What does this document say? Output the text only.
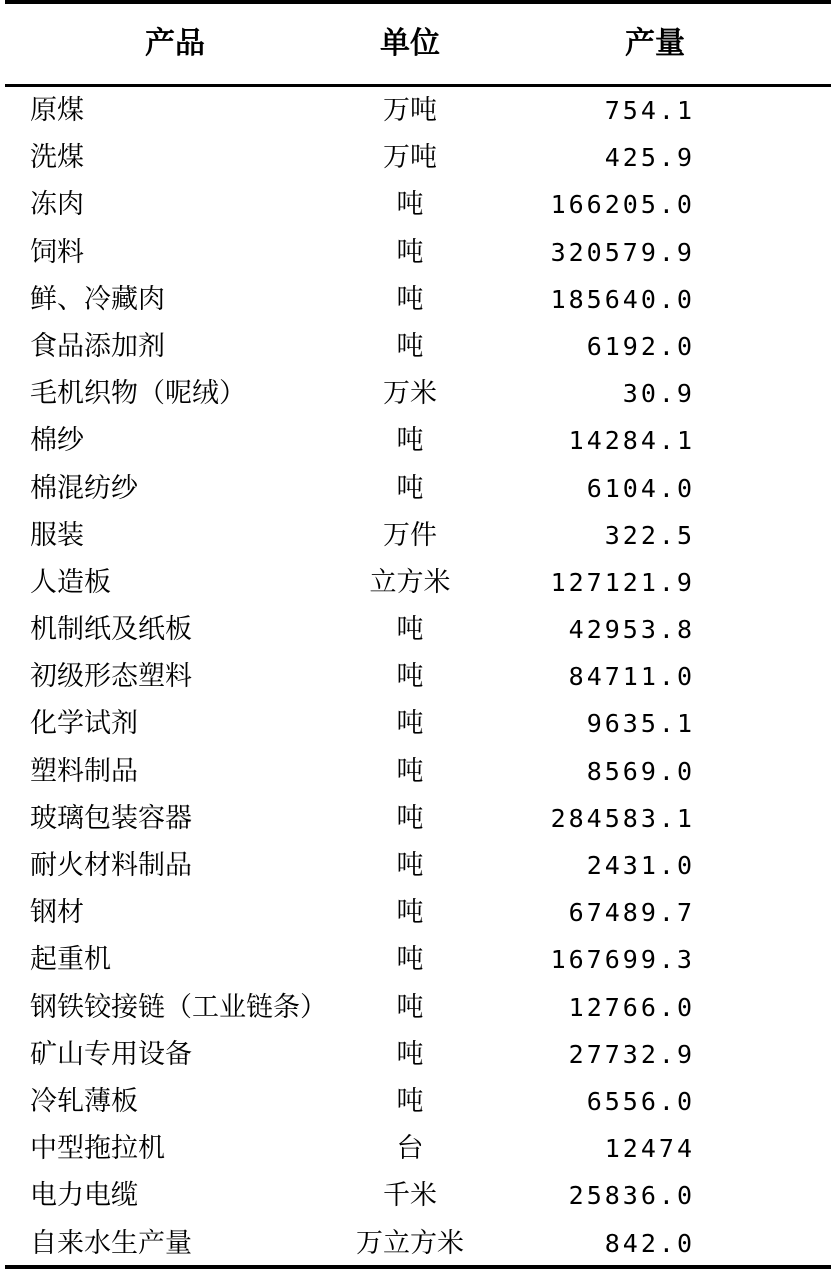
产品	单位	产量
原煤	万吨	754.1
洗煤	万吨	425.9
冻肉	吨	166205.0
饲料	吨	320579.9
鲜、冷藏肉	吨	185640.0
食品添加剂	吨	6192.0
毛机织物（呢绒）	万米	30.9
棉纱	吨	14284.1
棉混纺纱	吨	6104.0
服装	万件	322.5
人造板	立方米	127121.9
机制纸及纸板	吨	42953.8
初级形态塑料	吨	84711.0
化学试剂	吨	9635.1
塑料制品	吨	8569.0
玻璃包装容器	吨	284583.1
耐火材料制品	吨	2431.0
钢材	吨	67489.7
起重机	吨	167699.3
钢铁铰接链（工业链条）	吨	12766.0
矿山专用设备	吨	27732.9
冷轧薄板	吨	6556.0
中型拖拉机	台	12474
电力电缆	千米	25836.0
自来水生产量	万立方米	842.0
